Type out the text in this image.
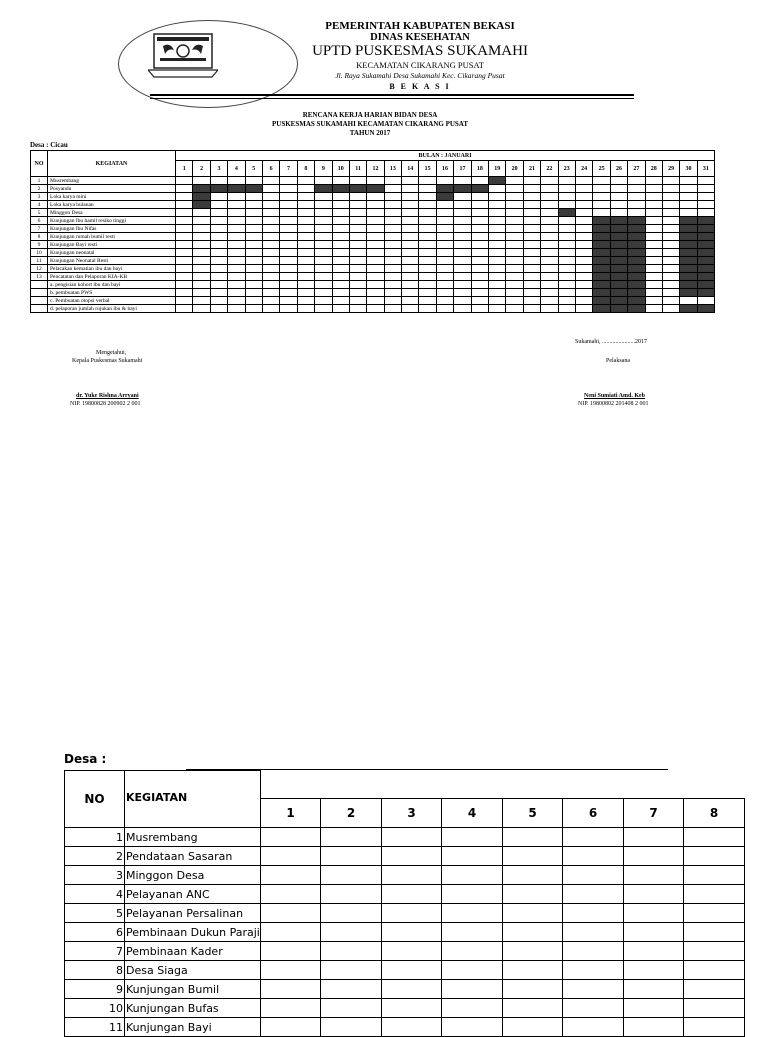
PEMERINTAH KABUPATEN BEKASI
DINAS KESEHATAN
UPTD PUSKESMAS SUKAMAHI
KECAMATAN CIKARANG PUSAT
Jl. Raya Sukamahi Desa Sukamahi Kec. Cikarang Pusat
B E K A S I
RENCANA KERJA HARIAN BIDAN DESA
PUSKESMAS SUKAMAHI KECAMATAN CIKARANG PUSAT
TAHUN 2017
Desa : Cicau
NO	KEGIATAN	BULAN : JANUARI																														
		1	2	3	4	5	6	7	8	9	10	11	12	13	14	15	16	17	18	19	20	21	22	23	24	25	26	27	28	29	30	31
1	Musrembang																															
2	Posyandu																															
3	Loka karya mini																															
4	Loka karya bulanan																															
5	Minggon Desa																															
6	Kunjungan Ibu hamil resiko tinggi																															
7	Kunjungan Ibu Nifas																															
8	Kunjungan rumah bumil resti																															
9	Kunjungan Bayi resti																															
10	Kunjungan neonatal																															
11	Kunjungan Neonatal Resti																															
12	Pelacakan kematian ibu dan bayi																															
13	Pencatatan dan Pelaporan KIA-KB																															
	a. pengisian kohort ibu dan bayi																															
	b. pembuatan PWS																															
	c. Pembuatan otopsi verbal																															
	d. pelaporan jumlah rujukan ibu & bayi																															
Sukamahi, ......................2017
Mengetahui,
Kepala Puskesmas Sukamahi	Pelaksana
dr. Yuke Rishna Arryani
NIP. 19800828 200902 2 001
Neni Sumiati Amd. Keb
NIP. 19800802 201408 2 001
Desa :
NO	KEGIATAN								
		1	2	3	4	5	6	7	8
1	Musrembang								
2	Pendataan Sasaran								
3	Minggon Desa								
4	Pelayanan ANC								
5	Pelayanan Persalinan								
6	Pembinaan Dukun Paraji								
7	Pembinaan Kader								
8	Desa Siaga								
9	Kunjungan Bumil								
10	Kunjungan Bufas								
11	Kunjungan Bayi								
